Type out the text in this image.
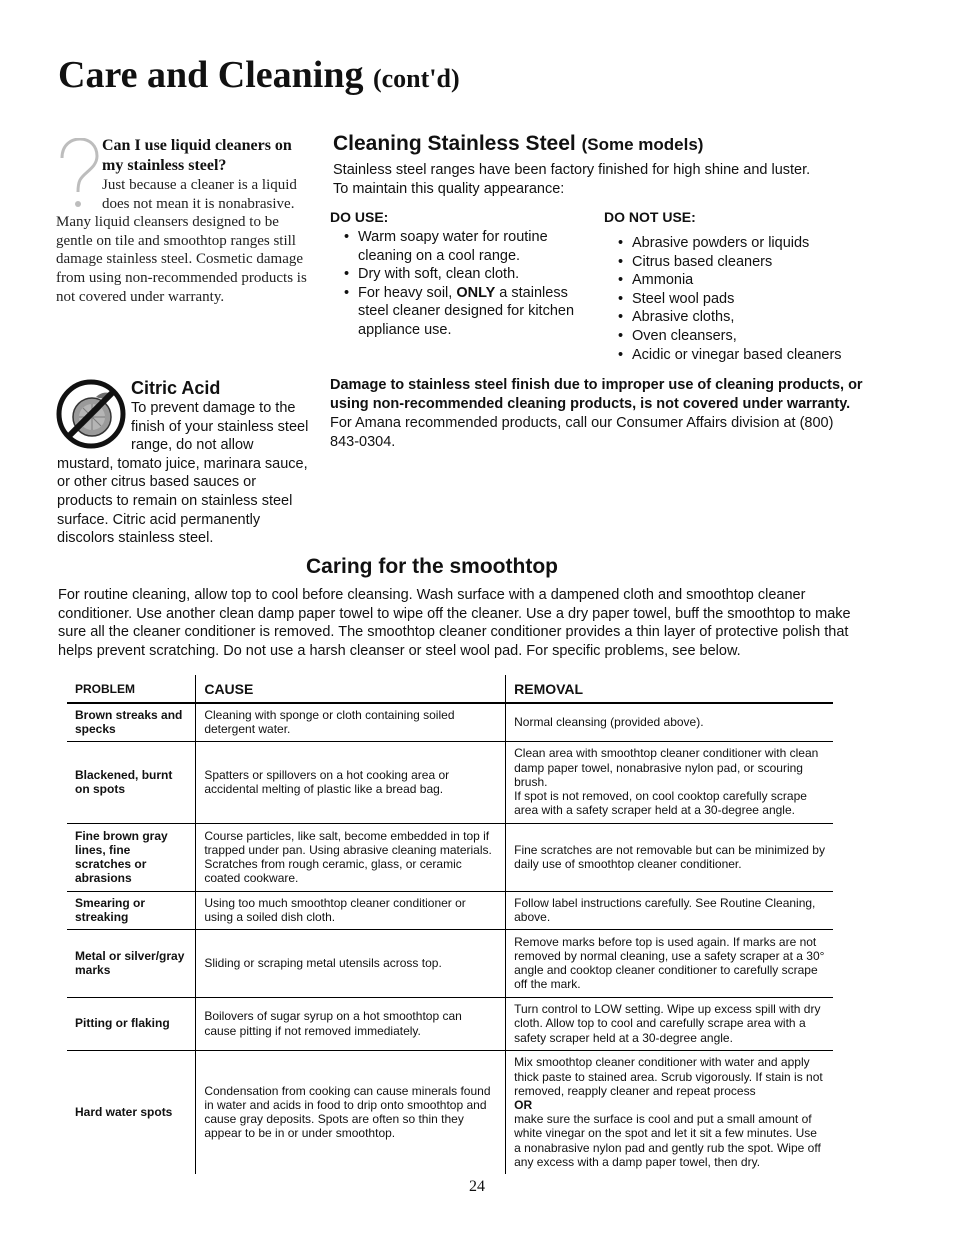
Care and Cleaning (cont'd)
Can I use liquid cleaners on my stainless steel?
Just because a cleaner is a liquid does not mean it is nonabrasive. Many liquid cleansers designed to be gentle on tile and smoothtop ranges still damage stainless steel. Cosmetic damage from using non-recommended products is not covered under warranty.
Cleaning Stainless Steel (Some models)
Stainless steel ranges have been factory finished for high shine and luster.
To maintain this quality appearance:
DO USE:
• Warm soapy water for routine cleaning on a cool range.
• Dry with soft, clean cloth.
• For heavy soil, ONLY a stainless steel cleaner designed for kitchen appliance use.
DO NOT USE:
• Abrasive powders or liquids
• Citrus based cleaners
• Ammonia
• Steel wool pads
• Abrasive cloths,
• Oven cleansers,
• Acidic or vinegar based cleaners
Citric Acid
To prevent damage to the finish of your stainless steel range, do not allow mustard, tomato juice, marinara sauce, or other citrus based sauces or products to remain on stainless steel surface. Citric acid permanently discolors stainless steel.
Damage to stainless steel finish due to improper use of cleaning products, or using non-recommended cleaning products, is not covered under warranty. For Amana recommended products, call our Consumer Affairs division at (800) 843-0304.
Caring for the smoothtop
For routine cleaning, allow top to cool before cleansing. Wash surface with a dampened cloth and smoothtop cleaner conditioner. Use another clean damp paper towel to wipe off the cleaner. Use a dry paper towel, buff the smoothtop to make sure all the cleaner conditioner is removed. The smoothtop cleaner conditioner provides a thin layer of protective polish that helps prevent scratching. Do not use a harsh cleanser or steel wool pad. For specific problems, see below.
PROBLEM	CAUSE	REMOVAL
Brown streaks and specks	Cleaning with sponge or cloth containing soiled detergent water.	Normal cleansing (provided above).
Blackened, burnt on spots	Spatters or spillovers on a hot cooking area or accidental melting of plastic like a bread bag.	Clean area with smoothtop cleaner conditioner with clean damp paper towel, nonabrasive nylon pad, or scouring brush.
If spot is not removed, on cool cooktop carefully scrape area with a safety scraper held at a 30-degree angle.

Fine brown gray lines, fine scratches or abrasions	Course particles, like salt, become embedded in top if trapped under pan. Using abrasive cleaning materials. Scratches from rough ceramic, glass, or ceramic coated cookware.	Fine scratches are not removable but can be minimized by daily use of smoothtop cleaner conditioner.
Smearing or streaking	Using too much smoothtop cleaner conditioner or using a soiled dish cloth.	Follow label instructions carefully. See Routine Cleaning, above.
Metal or silver/gray marks	Sliding or scraping metal utensils across top.	Remove marks before top is used again. If marks are not removed by normal cleaning, use a safety scraper at a 30° angle and cooktop cleaner conditioner to carefully scrape off the mark.
Pitting or flaking	Boilovers of sugar syrup on a hot smoothtop can cause pitting if not removed immediately.	Turn control to LOW setting. Wipe up excess spill with dry cloth. Allow top to cool and carefully scrape area with a safety scraper held at a 30-degree angle.
Hard water spots	Condensation from cooking can cause minerals found in water and acids in food to drip onto smoothtop and cause gray deposits. Spots are often so thin they appear to be in or under smoothtop.	Mix smoothtop cleaner conditioner with water and apply thick paste to stained area. Scrub vigorously. If stain is not removed, reapply cleaner and repeat process
OR
make sure the surface is cool and put a small amount of white vinegar on the spot and let it sit a few minutes. Use a nonabrasive nylon pad and gently rub the spot. Wipe off any excess with a damp paper towel, then dry.
24
